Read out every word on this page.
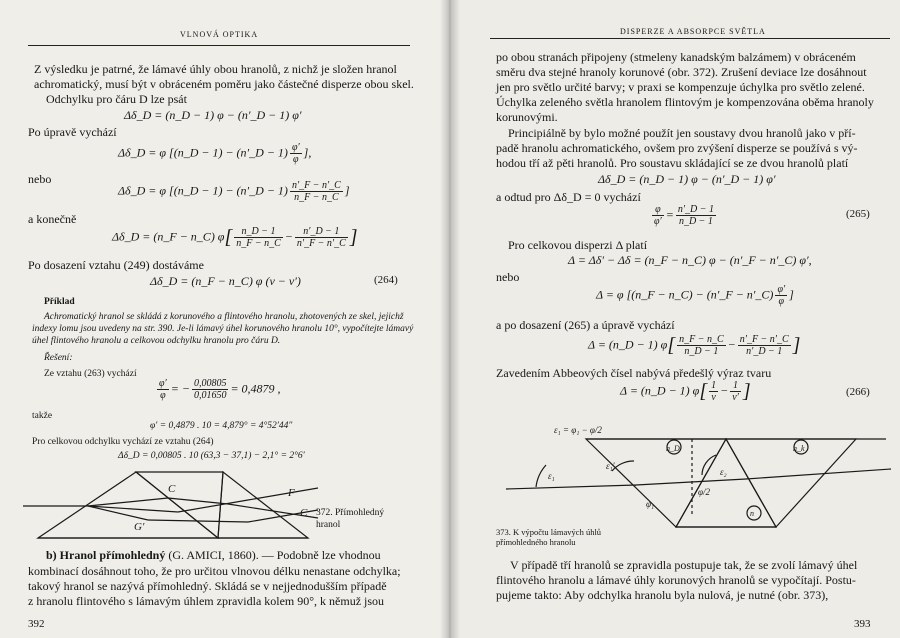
VLNOVÁ OPTIKA
Z výsledku je patrné, že lámavé úhly obou hranolů, z nichž je složen hranol
achromatický, musí být v obráceném poměru jako částečné disperze obou skel.
Odchylku pro čáru D lze psát
Δδ_D = (n_D − 1) φ − (n′_D − 1) φ′
Po úpravě vychází
Δδ_D = φ [(n_D − 1) − (n′_D − $1) \frac{\varphi'}{\varphi}$ ],
nebo
Δδ_D = φ [(n_D − 1) − (n′_D − $1) \frac{n'\_F - n'\_C}{n\_F - n\_C}$ ]
a konečně
Δδ_D = (n_F − n_C) $\varphi[ \frac{n\_D - 1}{n\_F - n\_C} - \frac{n'\_D - 1}{n'\_F - n'\_C}$ ]
Po dosazení vztahu (249) dostáváme
Δδ_D = (n_F − n_C) φ (ν − ν′)	(264)
Příklad
Achromatický hranol se skládá z korunového a flintového hranolu, zhotovených ze skel, jejichž
indexy lomu jsou uvedeny na str. 390. Je-li lámavý úhel korunového hranolu 10°, vypočítejte lámavý
úhel flintového hranolu a celkovou odchylku hranolu pro čáru D.
Řešení:
Ze vztahu (263) vychází
$\frac{\varphi'}{\varphi}$ = − $\frac{0,00805}{0,01650} = 0,4879$ ,
takže
φ′ = 0,4879 . 10 = 4,879° = 4°52′44″
Pro celkovou odchylku vychází ze vztahu (264)
Δδ_D = 0,00805 . 10 (63,3 − 37,1) − 2,1° = 2°6′
C	F
C
G′
372. Přímohledný
hranol
b) Hranol přímohledný (G. AMICI, 1860). — Podobně lze vhodnou
kombinací dosáhnout toho, že pro určitou vlnovou délku nenastane odchylka;
takový hranol se nazývá přímohledný. Skládá se v nejjednodušším případě
z hranolu flintového s lámavým úhlem zpravidla kolem 90°, k němuž jsou
392
DISPERZE A ABSORPCE SVĚTLA
po obou stranách připojeny (stmeleny kanadským balzámem) v obráceném
směru dva stejné hranoly korunové (obr. 372). Zrušení deviace lze dosáhnout
jen pro světlo určité barvy; v praxi se kompenzuje úchylka pro světlo zelené.
Úchylka zeleného světla hranolem flintovým je kompenzována oběma hranoly
korunovými.
Principiálně by bylo možné použít jen soustavy dvou hranolů jako v pří-
padě hranolu achromatického, ovšem pro zvýšení disperze se používá s vý-
hodou tří až pěti hranolů. Pro soustavu skládající se ze dvou hranolů platí
Δδ_D = (n_D − 1) φ − (n′_D − 1) φ′
a odtud pro Δδ_D = 0 vychází
$\frac{\varphi}{\varphi'} = \frac{n'\_D - 1}{n\_D - 1}$	(265)
Pro celkovou disperzi Δ platí
Δ = Δδ′ − Δδ = (n_F − n_C) φ − (n′_F − n′_C) φ′,
nebo
Δ = φ [(n_F − n_C) − (n′_F − n′_C) $\frac{\varphi'}{\varphi}$ ]
a po dosazení (265) a úpravě vychází
Δ = (n_D − 1) $\varphi[ \frac{n\_F - n\_C}{n\_D - 1} - \frac{n'\_F - n'\_C}{n'\_D - 1}$ ]
Zavedením Abbeových čísel nabývá předešlý výraz tvaru
Δ = (n_D − 1) $\varphi[ \frac{1}{\nu} - \frac{1}{\nu'}$ ]	(266)
ε₁ = φ₁ − φ/2
n_D	n_k
ε₁′
ε₁
φ₁
φ/2
ε₂
n
373. K výpočtu lámavých úhlů
přímohledného hranolu
V případě tří hranolů se zpravidla postupuje tak, že se zvolí lámavý úhel
flintového hranolu a lámavé úhly korunových hranolů se vypočítají. Postu-
pujeme takto: Aby odchylka hranolu byla nulová, je nutné (obr. 373),
393
